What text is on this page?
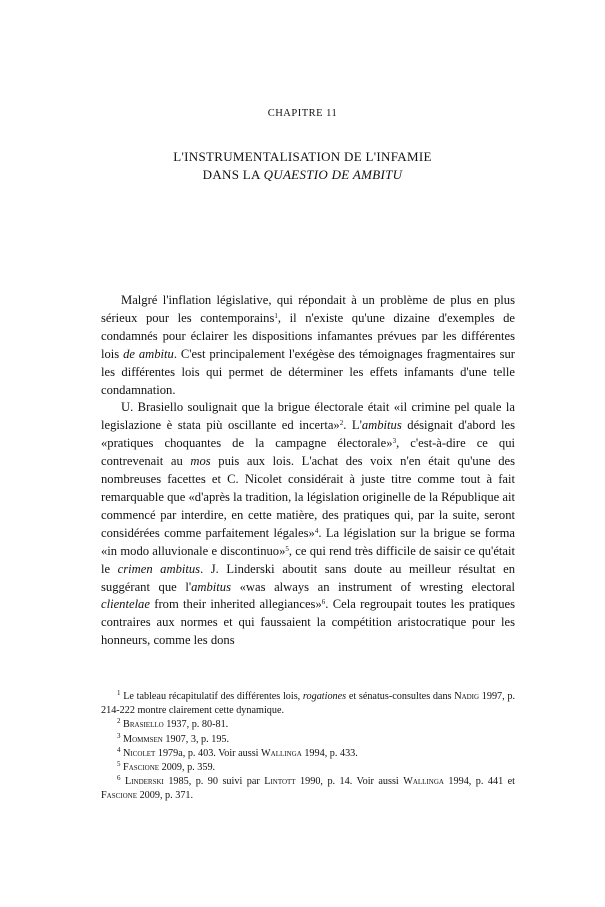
CHAPITRE 11
L'INSTRUMENTALISATION DE L'INFAMIE
DANS LA QUAESTIO DE AMBITU

Malgré l'inflation législative, qui répondait à un problème de plus en plus sérieux pour les contemporains$^1$, il n'existe qu'une dizaine d'exemples de condamnés pour éclairer les dispositions infamantes prévues par les différentes lois de ambitu. C'est principalement l'exégèse des témoignages fragmentaires sur les différentes lois qui permet de déterminer les effets infamants d'une telle condamnation.

U. Brasiello soulignait que la brigue électorale était «il crimine pel quale la legislazione è stata più oscillante ed incerta»$^2$. L'ambitus désignait d'abord les «pratiques choquantes de la campagne électorale»$^3$, c'est-à-dire ce qui contrevenait au mos puis aux lois. L'achat des voix n'en était qu'une des nombreuses facettes et C. Nicolet considérait à juste titre comme tout à fait remarquable que «d'après la tradition, la législation originelle de la République ait commencé par interdire, en cette matière, des pratiques qui, par la suite, seront considérées comme parfaitement légales»$^4$. La législation sur la brigue se forma «in modo alluvionale e discontinuo»$^5$, ce qui rend très difficile de saisir ce qu'était le crimen ambitus. J. Linderski aboutit sans doute au meilleur résultat en suggérant que l'ambitus «was always an instrument of wresting electoral clientelae from their inherited allegiances»$^6$. Cela regroupait toutes les pratiques contraires aux normes et qui faussaient la compétition aristocratique pour les honneurs, comme les dons

$^1$ Le tableau récapitulatif des différentes lois, rogationes et sénatus-consultes dans Nadig 1997, p. 214-222 montre clairement cette dynamique.

$^2$ Brasiello 1937, p. 80-81.

$^3$ Mommsen 1907, 3, p. 195.

$^4$ Nicolet 1979a, p. 403. Voir aussi Wallinga 1994, p. 433.

$^5$ Fascione 2009, p. 359.

$^6$ Linderski 1985, p. 90 suivi par Lintott 1990, p. 14. Voir aussi Wallinga 1994, p. 441 et Fascione 2009, p. 371.
